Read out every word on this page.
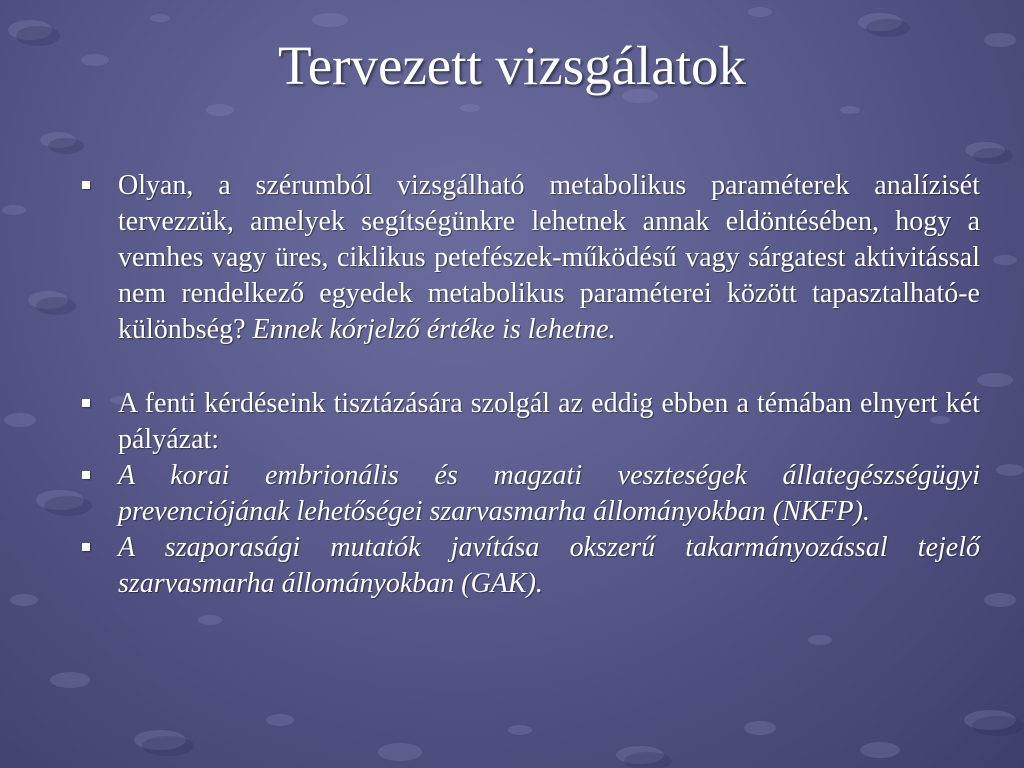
Tervezett vizsgálatok
Olyan, a szérumból vizsgálható metabolikus paraméterek analízisét tervezzük, amelyek segítségünkre lehetnek annak eldöntésében, hogy a vemhes vagy üres, ciklikus petefészek-működésű vagy sárgatest aktivitással nem rendelkező egyedek metabolikus paraméterei között tapasztalható-e különbség? Ennek kórjelző értéke is lehetne.
A fenti kérdéseink tisztázására szolgál az eddig ebben a témában elnyert két pályázat:
A korai embrionális és magzati veszteségek állategészségügyi prevenciójának lehetőségei szarvasmarha állományokban (NKFP).
A szaporasági mutatók javítása okszerű takarmányozással tejelő szarvasmarha állományokban (GAK).
